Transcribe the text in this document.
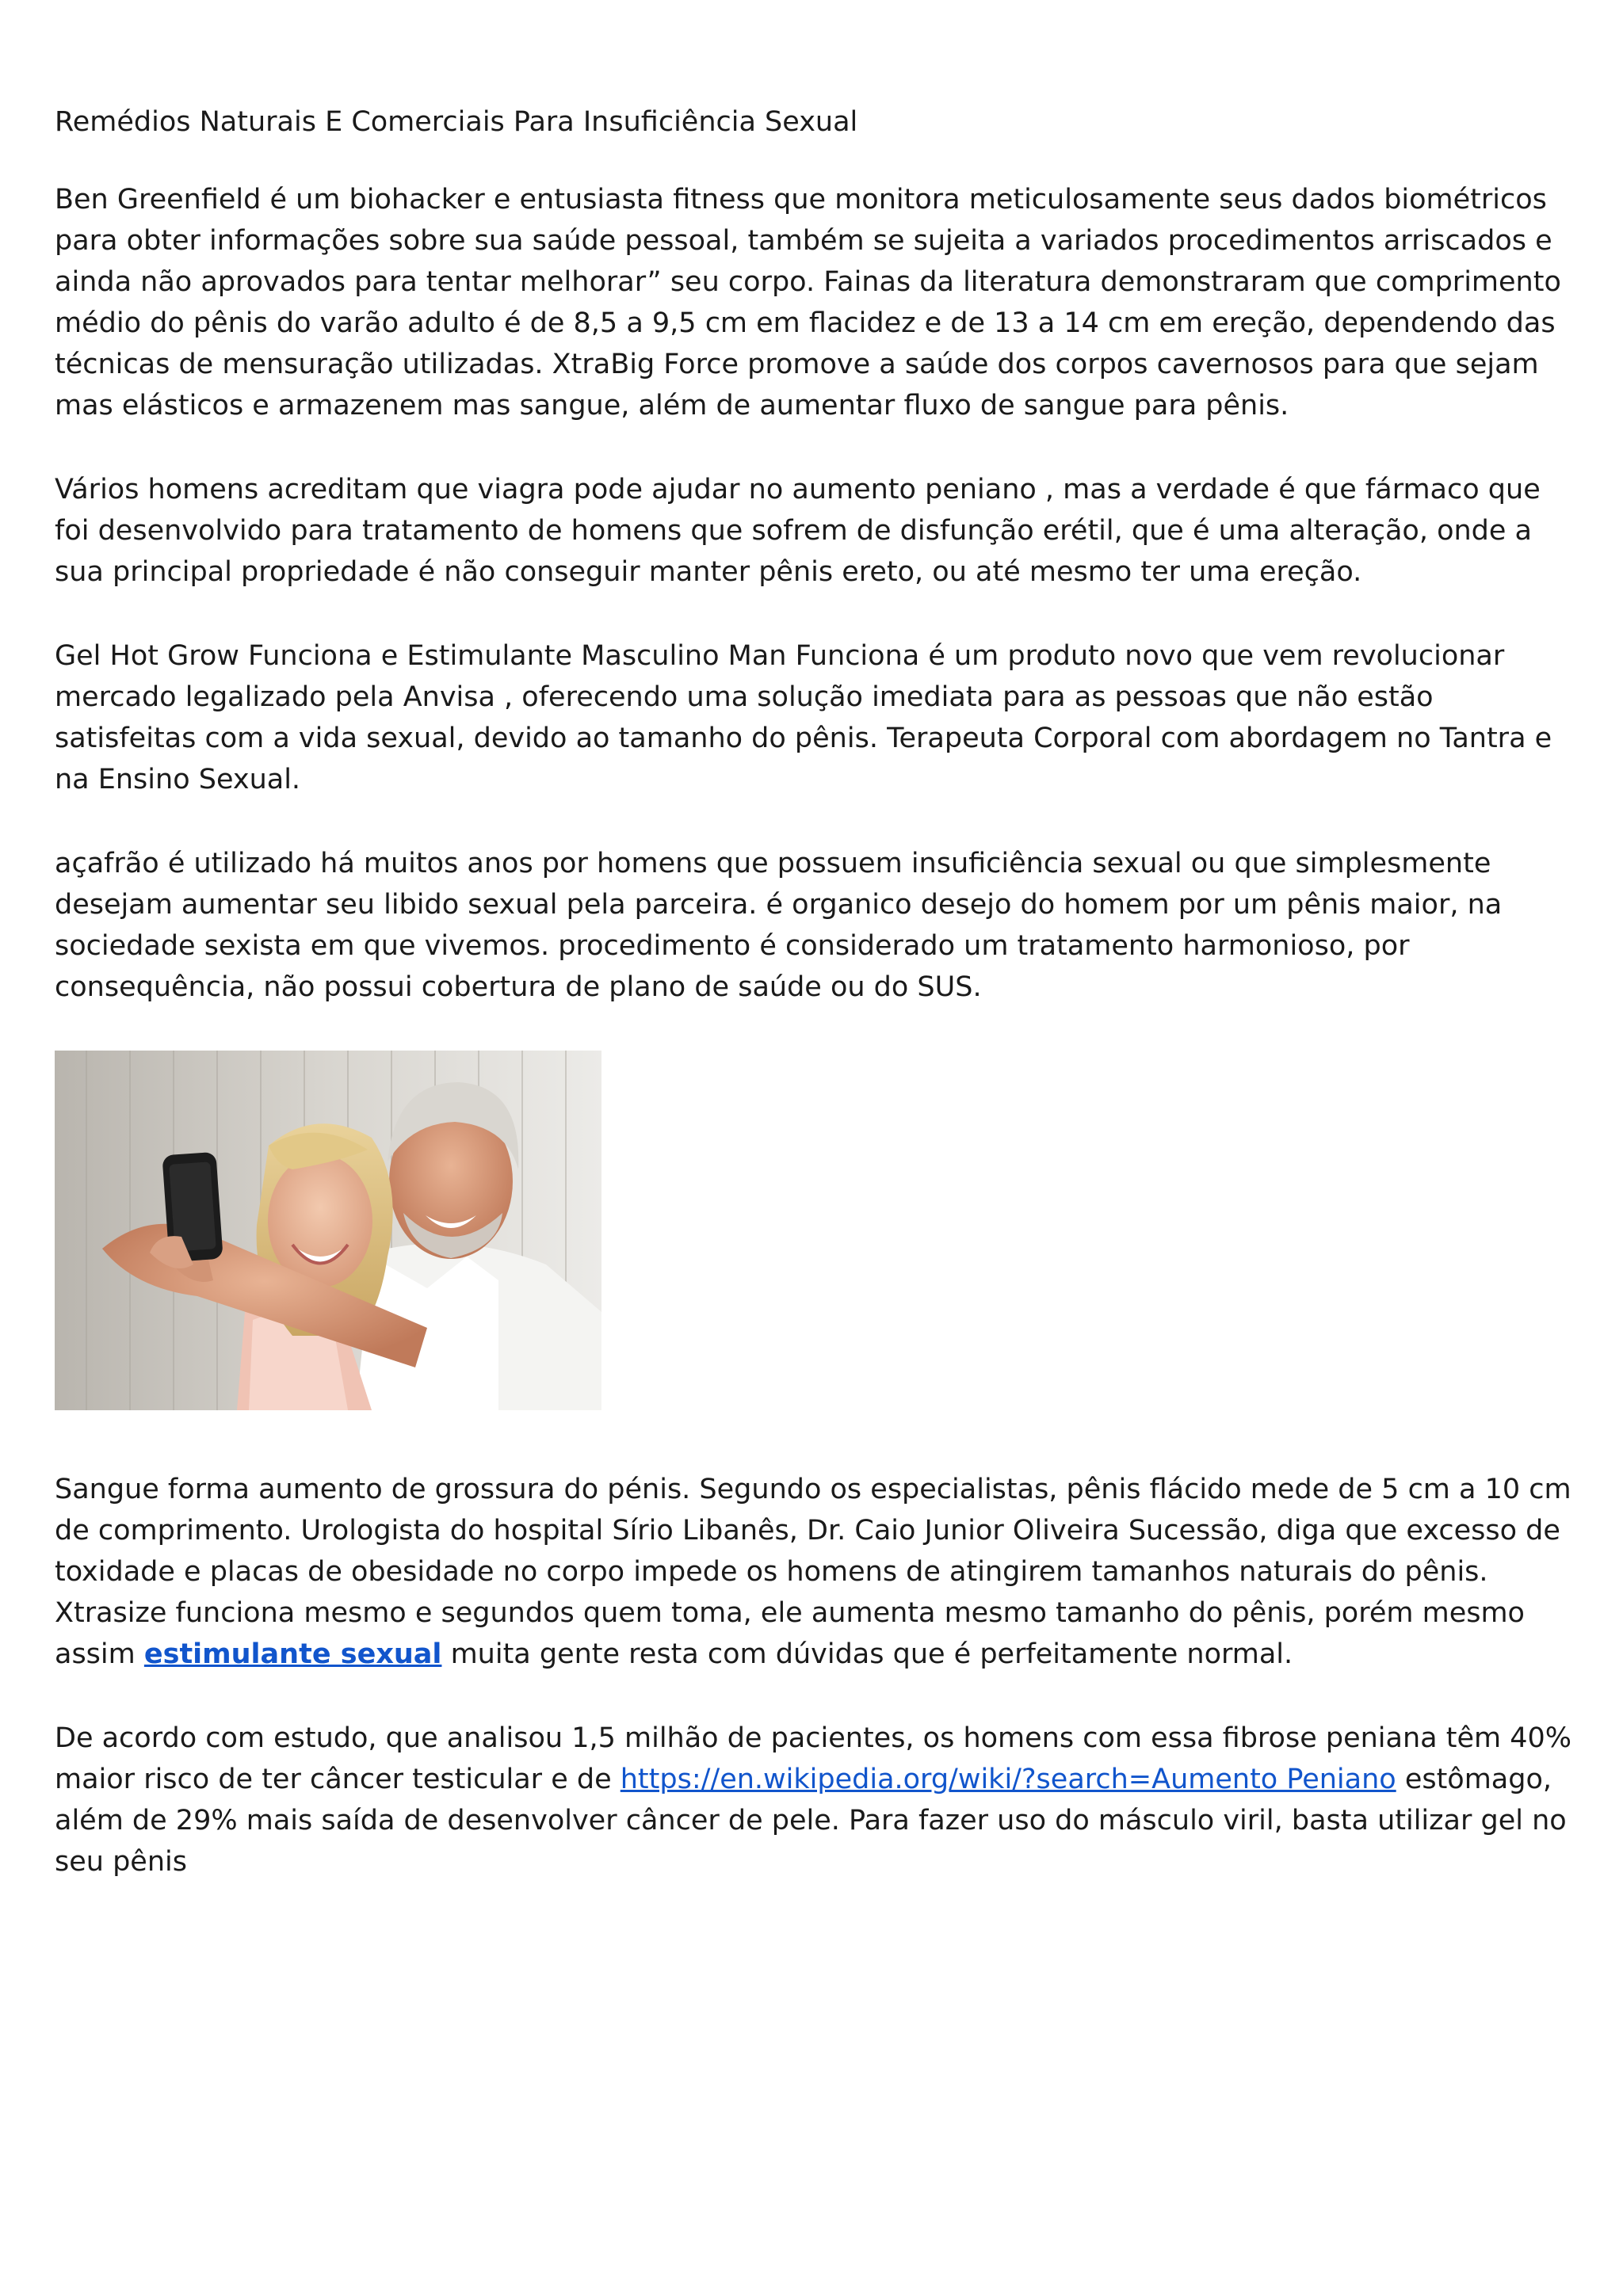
Remédios Naturais E Comerciais Para Insuficiência Sexual

Ben Greenfield é um biohacker e entusiasta fitness que monitora meticulosamente seus dados biométricos para obter informações sobre sua saúde pessoal, também se sujeita a variados procedimentos arriscados e ainda não aprovados para tentar melhorar” seu corpo. Fainas da literatura demonstraram que comprimento médio do pênis do varão adulto é de 8,5 a 9,5 cm em flacidez e de 13 a 14 cm em ereção, dependendo das técnicas de mensuração utilizadas. XtraBig Force promove a saúde dos corpos cavernosos para que sejam mas elásticos e armazenem mas sangue, além de aumentar fluxo de sangue para pênis.

Vários homens acreditam que viagra pode ajudar no aumento peniano , mas a verdade é que fármaco que foi desenvolvido para tratamento de homens que sofrem de disfunção erétil, que é uma alteração, onde a sua principal propriedade é não conseguir manter pênis ereto, ou até mesmo ter uma ereção.

Gel Hot Grow Funciona e Estimulante Masculino Man Funciona é um produto novo que vem revolucionar mercado legalizado pela Anvisa , oferecendo uma solução imediata para as pessoas que não estão satisfeitas com a vida sexual, devido ao tamanho do pênis. Terapeuta Corporal com abordagem no Tantra e na Ensino Sexual.

açafrão é utilizado há muitos anos por homens que possuem insuficiência sexual ou que simplesmente desejam aumentar seu libido sexual pela parceira. é organico desejo do homem por um pênis maior, na sociedade sexista em que vivemos. procedimento é considerado um tratamento harmonioso, por consequência, não possui cobertura de plano de saúde ou do SUS.

Sangue forma aumento de grossura do pénis. Segundo os especialistas, pênis flácido mede de 5 cm a 10 cm de comprimento. Urologista do hospital Sírio Libanês, Dr. Caio Junior Oliveira Sucessão, diga que excesso de toxidade e placas de obesidade no corpo impede os homens de atingirem tamanhos naturais do pênis. Xtrasize funciona mesmo e segundos quem toma, ele aumenta mesmo tamanho do pênis, porém mesmo assim estimulante sexual muita gente resta com dúvidas que é perfeitamente normal.

De acordo com estudo, que analisou 1,5 milhão de pacientes, os homens com essa fibrose peniana têm 40% maior risco de ter câncer testicular e de https://en.wikipedia.org/wiki/?search=Aumento Peniano estômago, além de 29% mais saída de desenvolver câncer de pele. Para fazer uso do másculo viril, basta utilizar gel no seu pênis
